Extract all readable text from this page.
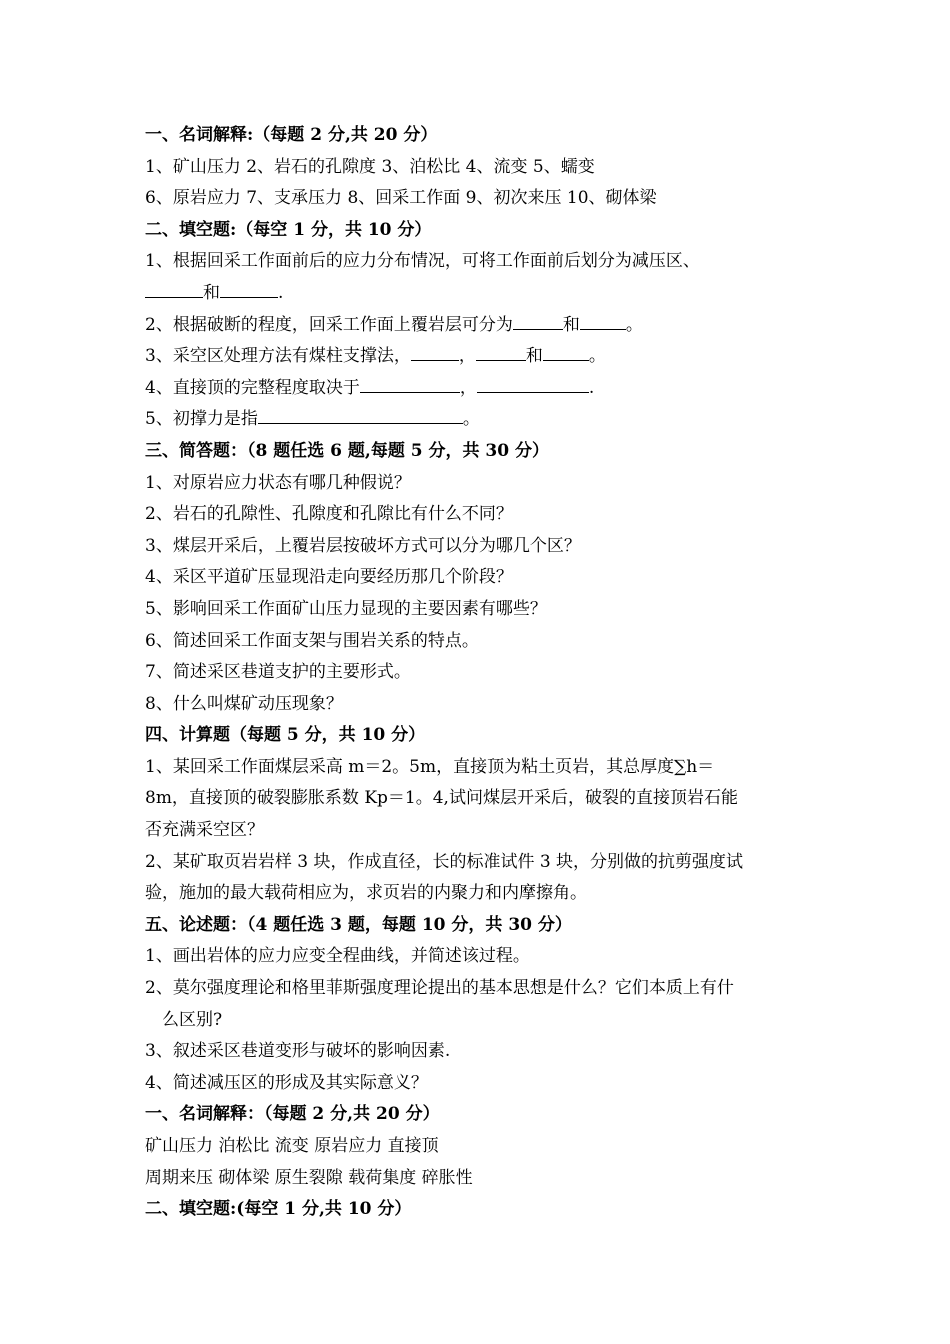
一、名词解释:（每题 2 分,共 20 分）
1、矿山压力 2、岩石的孔隙度 3、泊松比 4、流变 5、蠕变
6、原岩应力 7、支承压力 8、回采工作面 9、初次来压 10、砌体梁
二、填空题:（每空 1 分，共 10 分）
1、根据回采工作面前后的应力分布情况，可将工作面前后划分为减压区、
和	.
2、根据破断的程度，回采工作面上覆岩层可分为	和	。
3、采空区处理方法有煤柱支撑法，	，	和	。
4、直接顶的完整程度取决于	，	.
5、初撑力是指	。
三、简答题：（8 题任选 6 题,每题 5 分，共 30 分）
1、对原岩应力状态有哪几种假说？
2、岩石的孔隙性、孔隙度和孔隙比有什么不同？
3、煤层开采后，上覆岩层按破坏方式可以分为哪几个区？
4、采区平道矿压显现沿走向要经历那几个阶段？
5、影响回采工作面矿山压力显现的主要因素有哪些？
6、简述回采工作面支架与围岩关系的特点。
7、简述采区巷道支护的主要形式。
8、什么叫煤矿动压现象？
四、计算题（每题 5 分，共 10 分）
1、某回采工作面煤层采高 m＝2。5m，直接顶为粘土页岩，其总厚度∑h＝
8m，直接顶的破裂膨胀系数 Kp＝1。4,试问煤层开采后，破裂的直接顶岩石能
否充满采空区？
2、某矿取页岩岩样 3 块，作成直径，长的标准试件 3 块，分别做的抗剪强度试
验，施加的最大载荷相应为，求页岩的内聚力和内摩擦角。
五、论述题：（4 题任选 3 题，每题 10 分，共 30 分）
1、画出岩体的应力应变全程曲线，并简述该过程。
2、莫尔强度理论和格里菲斯强度理论提出的基本思想是什么？它们本质上有什
么区别?
3、叙述采区巷道变形与破坏的影响因素.
4、简述减压区的形成及其实际意义？
一、名词解释：（每题 2 分,共 20 分）
矿山压力 泊松比 流变 原岩应力 直接顶
周期来压 砌体梁 原生裂隙 载荷集度 碎胀性
二、填空题:(每空 1 分,共 10 分）
